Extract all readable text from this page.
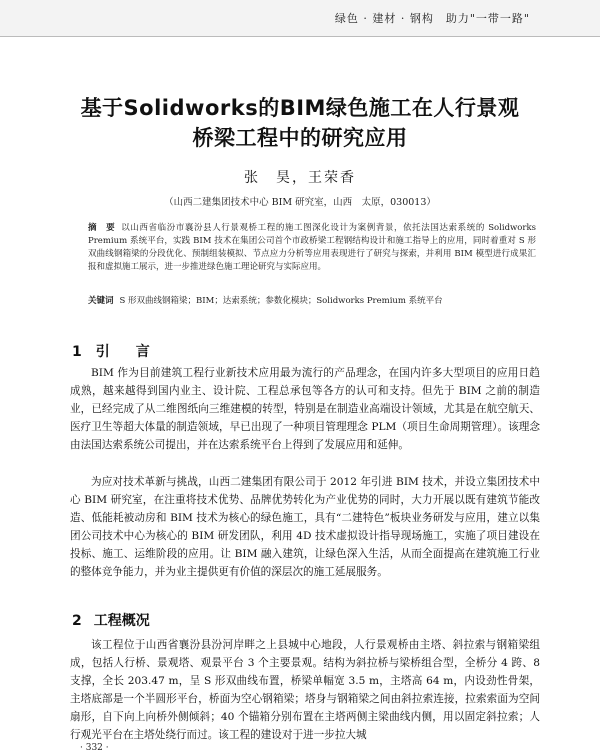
绿色 · 建材 · 钢构　助力"一带一路"
基于Solidworks的BIM绿色施工在人行景观
桥梁工程中的研究应用
张　昊，王荣香
（山西二建集团技术中心 BIM 研究室，山西　太原，030013）
摘　要 以山西省临汾市襄汾县人行景观桥工程的施工图深化设计为案例背景，依托法国达索系统的 Solidworks Premium 系统平台，实践 BIM 技术在集团公司首个市政桥梁工程钢结构设计和施工指导上的应用，同时着重对 S 形双曲线钢箱梁的分段优化、预制组装模拟、节点应力分析等应用表现进行了研究与探索，并利用 BIM 模型进行成果汇报和虚拟施工展示，进一步推进绿色施工理论研究与实际应用。
关键词 S 形双曲线钢箱梁；BIM；达索系统；参数化模块；Solidworks Premium 系统平台
1 引　言
BIM 作为目前建筑工程行业新技术应用最为流行的产品理念，在国内许多大型项目的应用日趋成熟，越来越得到国内业主、设计院、工程总承包等各方的认可和支持。但先于 BIM 之前的制造业，已经完成了从二维图纸向三维建模的转型，特别是在制造业高端设计领域，尤其是在航空航天、医疗卫生等超大体量的制造领域，早已出现了一种项目管理理念 PLM（项目生命周期管理）。该理念由法国达索系统公司提出，并在达索系统平台上得到了发展应用和延伸。
为应对技术革新与挑战，山西二建集团有限公司于 2012 年引进 BIM 技术，并设立集团技术中心 BIM 研究室，在注重将技术优势、品牌优势转化为产业优势的同时，大力开展以既有建筑节能改造、低能耗被动房和 BIM 技术为核心的绿色施工，具有“二建特色”板块业务研发与应用，建立以集团公司技术中心为核心的 BIM 研发团队，利用 4D 技术虚拟设计指导现场施工，实施了项目建设在投标、施工、运维阶段的应用。让 BIM 融入建筑，让绿色深入生活，从而全面提高在建筑施工行业的整体竞争能力，并为业主提供更有价值的深层次的施工延展服务。
2 工程概况
该工程位于山西省襄汾县汾河岸畔之上县城中心地段，人行景观桥由主塔、斜拉索与钢箱梁组成，包括人行桥、景观塔、观景平台 3 个主要景观。结构为斜拉桥与梁桥组合型，全桥分 4 跨、8 支撑，全长 203.47 m，呈 S 形双曲线布置，桥梁单幅宽 3.5 m，主塔高 64 m，内设劲性骨架，主塔底部是一个半圆形平台，桥面为空心钢箱梁；塔身与钢箱梁之间由斜拉索连接，拉索索面为空间扇形，自下向上向桥外侧倾斜；40 个锚箱分别布置在主塔两侧主梁曲线内侧，用以固定斜拉索；人行观光平台在主塔处绕行而过。该工程的建设对于进一步拉大城
· 332 ·
